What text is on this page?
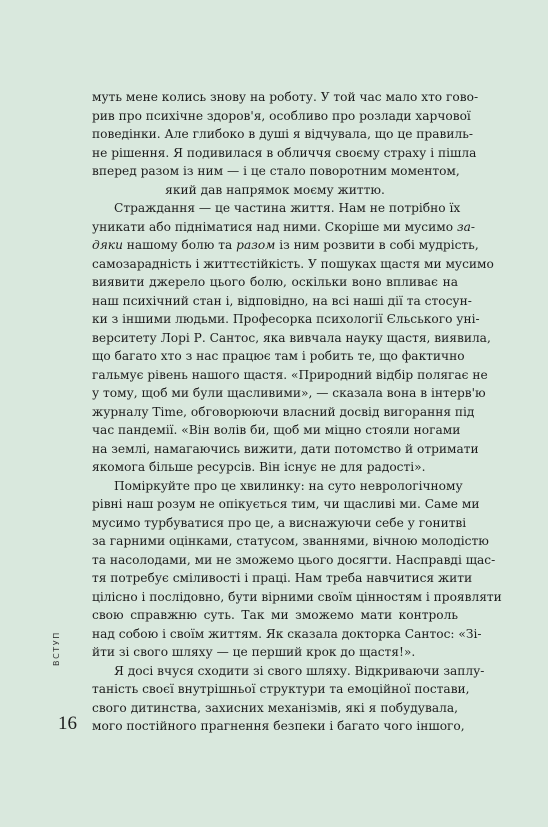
муть мене колись знову на роботу. У той час мало хто гово-
рив про психічне здоров'я, особливо про розлади харчової
поведінки. Але глибоко в душі я відчувала, що це правиль-
не рішення. Я подивилася в обличчя своєму страху і пішла
вперед разом із ним — і це стало поворотним моментом,
який дав напрямок моєму життю.
Страждання — це частина життя. Нам не потрібно їх
уникати або підніматися над ними. Скоріше ми мусимо за-
дяки нашому болю та разом із ним розвити в собі мудрість,
самозарадність і життєстійкість. У пошуках щастя ми мусимо
виявити джерело цього болю, оскільки воно впливає на
наш психічний стан і, відповідно, на всі наші дії та стосун-
ки з іншими людьми. Професорка психології Єльського уні-
верситету Лорі Р. Сантос, яка вивчала науку щастя, виявила,
що багато хто з нас працює там і робить те, що фактично
гальмує рівень нашого щастя. «Природний відбір полягає не
у тому, щоб ми були щасливими», — сказала вона в інтерв'ю
журналу Time, обговорюючи власний досвід вигорання під
час пандемії. «Він волів би, щоб ми міцно стояли ногами
на землі, намагаючись вижити, дати потомство й отримати
якомога більше ресурсів. Він існує не для радості».
Поміркуйте про це хвилинку: на суто неврологічному
рівні наш розум не опікується тим, чи щасливі ми. Саме ми
мусимо турбуватися про це, а виснажуючи себе у гонитві
за гарними оцінками, статусом, званнями, вічною молодістю
та насолодами, ми не зможемо цього досягти. Насправді щас-
тя потребує сміливості і праці. Нам треба навчитися жити
цілісно і послідовно, бути вірними своїм цінностям і проявляти
свою справжню суть. Так ми зможемо мати контроль
над собою і своїм життям. Як сказала докторка Сантос: «Зі-
йти зі свого шляху — це перший крок до щастя!».
Я досі вчуся сходити зі свого шляху. Відкриваючи заплу-
таність своєї внутрішньої структури та емоційної постави,
свого дитинства, захисних механізмів, які я побудувала,
мого постійного прагнення безпеки і багато чого іншого,
ВСТУП
16
